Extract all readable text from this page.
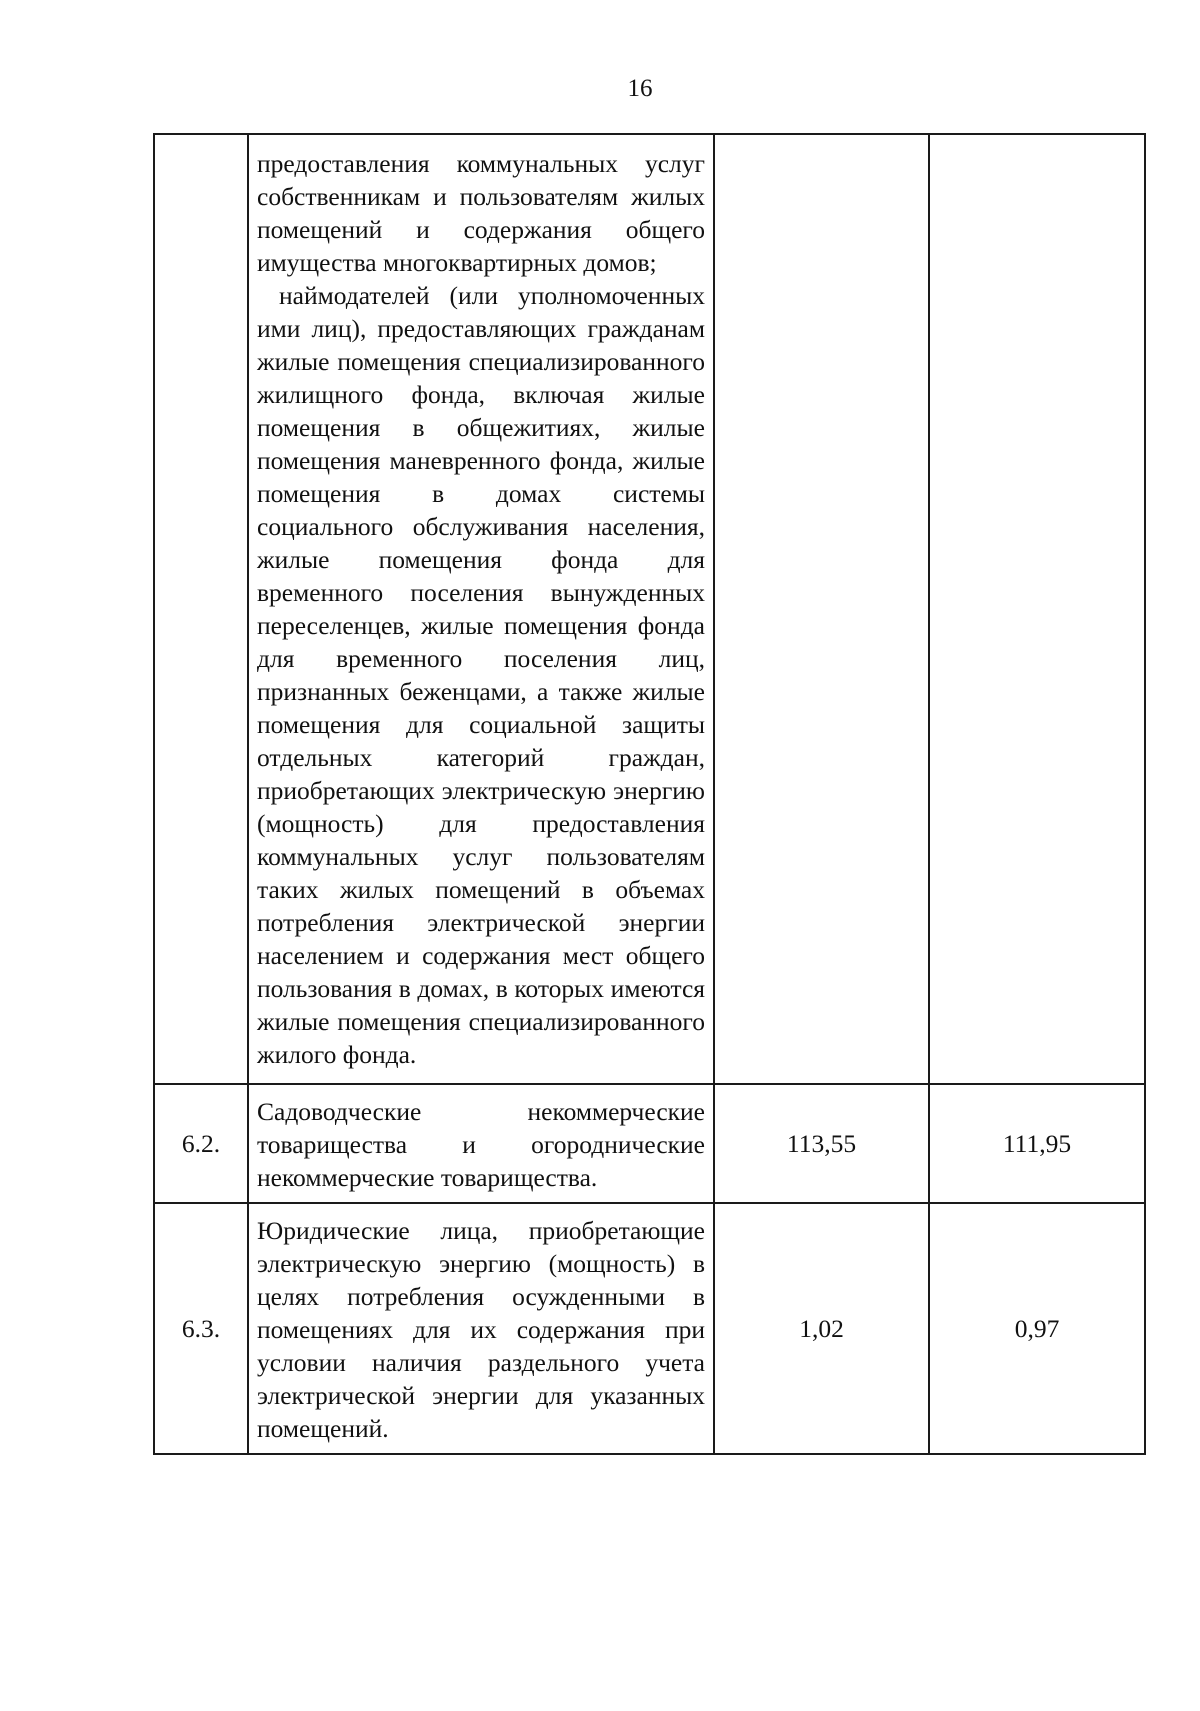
16

	предоставления коммунальных услуг собственникам и пользователям жилых помещений и содержания общего имущества многоквартирных домов;

наймодателей (или уполномоченных ими лиц), предоставляющих гражданам жилые помещения специализированного жилищного фонда, включая жилые помещения в общежитиях, жилые помещения маневренного фонда, жилые помещения в домах системы социального обслуживания населения, жилые помещения фонда для временного поселения вынужденных переселенцев, жилые помещения фонда для временного поселения лиц, признанных беженцами, а также жилые помещения для социальной защиты отдельных категорий граждан, приобретающих электрическую энергию (мощность) для предоставления коммунальных услуг пользователям таких жилых помещений в объемах потребления электрической энергии населением и содержания мест общего пользования в домах, в которых имеются жилые помещения специализированного жилого фонда.		

6.2.	Садоводческие некоммерческие товарищества и огороднические некоммерческие товарищества.	113,55	111,95
6.3.	Юридические лица, приобретающие электрическую энергию (мощность) в целях потребления осужденными в помещениях для их содержания при условии наличия раздельного учета электрической энергии для указанных помещений.	1,02	0,97
